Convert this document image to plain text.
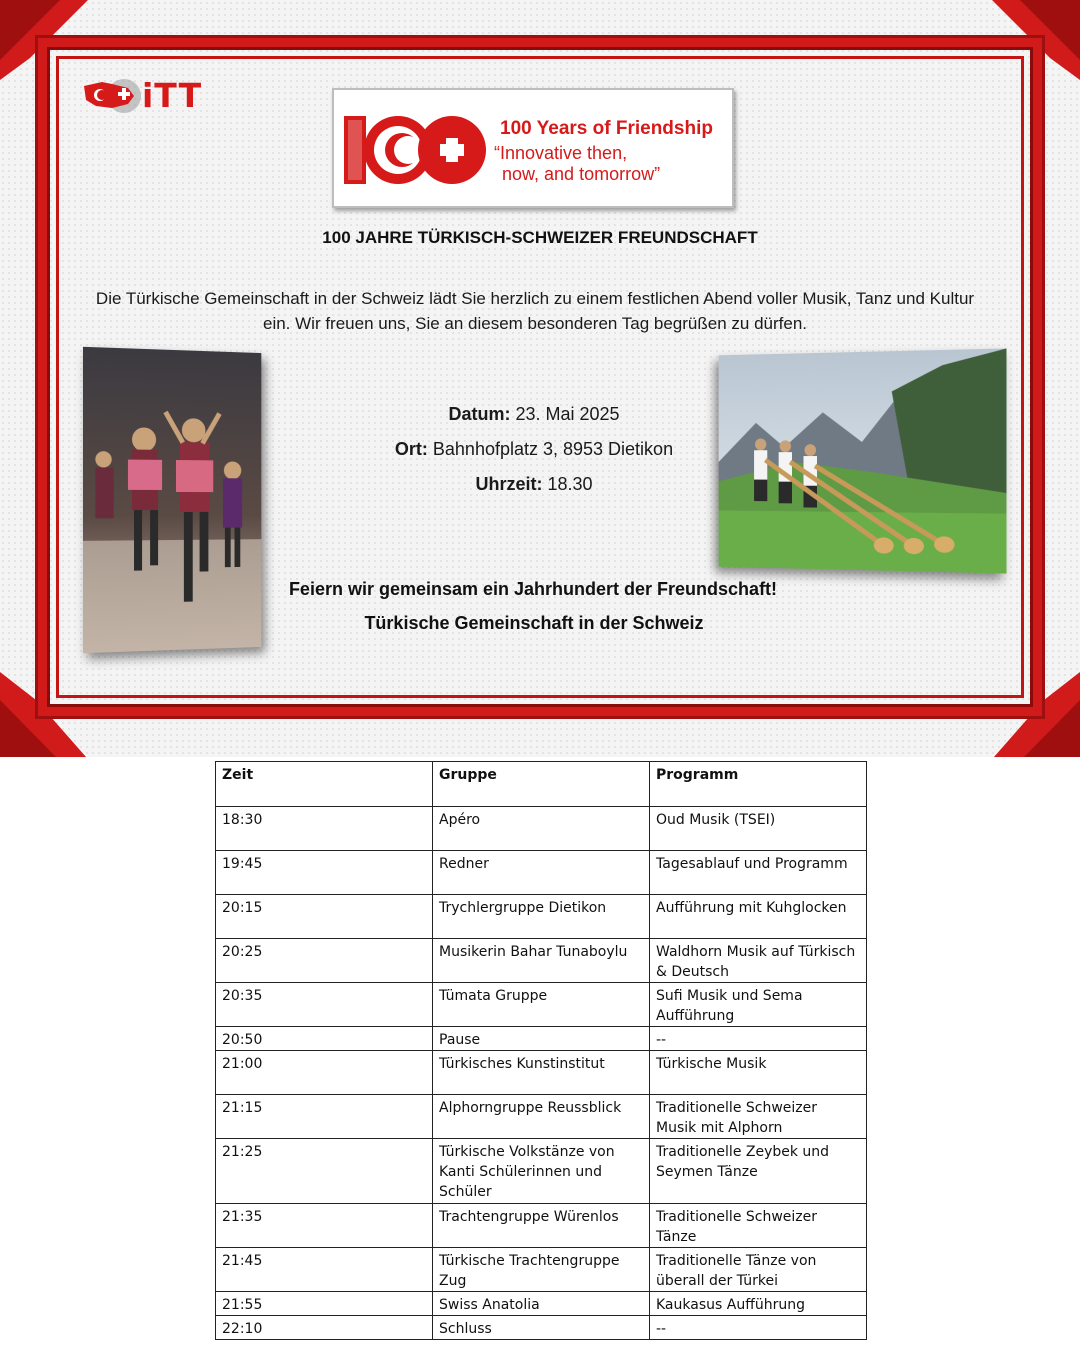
iTT
100 Years of Friendship
“Innovative then,
now, and tomorrow”
100 JAHRE TÜRKISCH-SCHWEIZER FREUNDSCHAFT
Die Türkische Gemeinschaft in der Schweiz lädt Sie herzlich zu einem festlichen Abend voller Musik, Tanz und Kultur ein. Wir freuen uns, Sie an diesem besonderen Tag begrüßen zu dürfen.
Datum: 23. Mai 2025
Ort: Bahnhofplatz 3, 8953 Dietikon
Uhrzeit: 18.30
Feiern wir gemeinsam ein Jahrhundert der Freundschaft!
Türkische Gemeinschaft in der Schweiz
Zeit	Gruppe	Programm
18:30	Apéro	Oud Musik (TSEI)
19:45	Redner	Tagesablauf und Programm
20:15	Trychlergruppe Dietikon	Aufführung mit Kuhglocken
20:25	Musikerin Bahar Tunaboylu	Waldhorn Musik auf Türkisch & Deutsch
20:35	Tümata Gruppe	Sufi Musik und Sema Aufführung
20:50	Pause	--
21:00	Türkisches Kunstinstitut	Türkische Musik
21:15	Alphorngruppe Reussblick	Traditionelle Schweizer Musik mit Alphorn
21:25	Türkische Volkstänze von Kanti Schülerinnen und Schüler	Traditionelle Zeybek und Seymen Tänze
21:35	Trachtengruppe Würenlos	Traditionelle Schweizer Tänze
21:45	Türkische Trachtengruppe Zug	Traditionelle Tänze von überall der Türkei
21:55	Swiss Anatolia	Kaukasus Aufführung
22:10	Schluss	--
